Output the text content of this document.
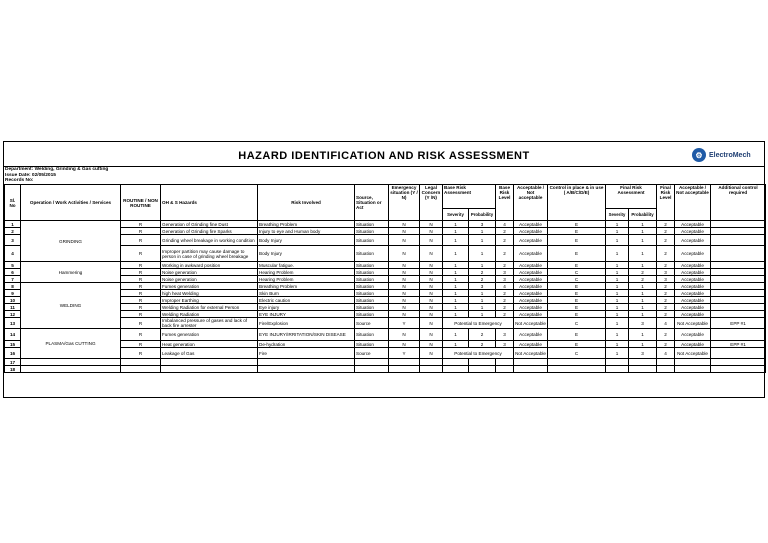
HAZARD IDENTIFICATION AND RISK ASSESSMENT	⚙ ElectroMech
Department: Welding, Grinding & Gas cutting
Issue Date: 02/05/2015
Records No:
Sl. No	Operation / Work Activities / Services	ROUTINE / NON ROUTINE	OH & S Hazards	Risk Involved	Source, Situation or Act	Emergency situation (Y / N)	Legal Concern (Y /N)	Base Risk Assessment		Base Risk Level	Acceptable / Not acceptable	Control in place & in use ( A/B/C/D/E)	Final Risk Assessment		Final Risk Level	Acceptable / Not acceptable	Additional control required
								Severity	Probability				Severity	Probability			
1	GRINDING	R	Generation of Grinding fine Dust	Breathing Problem	Situation	N	N	1	3	4	Acceptable	E	1	1	2	Acceptable	
2		R	Generation of Grinding fire Sparks	Injury to eye and Human body	Situation	N	N	1	1	2	Acceptable	E	1	1	2	Acceptable	
3		R	Grinding wheel breakage in working condition	Body Injury	Situation	N	N	1	1	2	Acceptable	E	1	1	2	Acceptable	
4		R	Improper partition may cause damage to person in case of grinding wheel breakage	Body Injury	Situation	N	N	1	1	2	Acceptable	E	1	1	2	Acceptable	
5	Hammering	R	Working in awkward position	Muscular fatigue.	Situation	N	N	1	1	2	Acceptable	E	1	1	2	Acceptable	
6		R	Noise generation	Hearing Problem	Situation	N	N	1	2	3	Acceptable	C	1	2	3	Acceptable	
7		R	Noise generation	Hearing Problem	Situation	N	N	1	2	3	Acceptable	C	1	2	3	Acceptable	
8	WELDING	R	Fumes generation	Breathing Problem	Situation	N	N	1	3	4	Acceptable	E	1	1	2	Acceptable	
9		R	high heat Welding	Skin Burn	Situation	N	N	1	1	2	Acceptable	E	1	1	2	Acceptable	
10		R	Improper Earthing	Electric caution	Situation	N	N	1	1	2	Acceptable	E	1	1	2	Acceptable	
11		R	Welding Radiation for external Person	Eye injury	Situation	N	N	1	1	2	Acceptable	E	1	1	2	Acceptable	
12		R	Welding Radiation	EYE INJURY	Situation	N	N	1	1	2	Acceptable	E	1	1	2	Acceptable	
13		R	Imbalanced pressure of gases and lack of back fire arrester	Fire/Explosion	Source	Y	N	Potential to Emergency			Not Acceptable	C	1	3	4	Not Acceptable	EPP #1
14	PLASMA/Gas CUTTING	R	Fumes generation	EYE INJURY/IRRITATION/SKIN DISEASE	Situation	N	N	1	2	3	Acceptable	E	1	1	2	Acceptable	
15		R	Heat generation	De-hydration	Situation	N	N	1	2	3	Acceptable	E	1	1	2	Acceptable	EPP #1
16		R	Leakage of Gas	Fire	Source	Y	N	Potential to Emergency			Not Acceptable	C	1	3	4	Not Acceptable	
17																	
18																	
